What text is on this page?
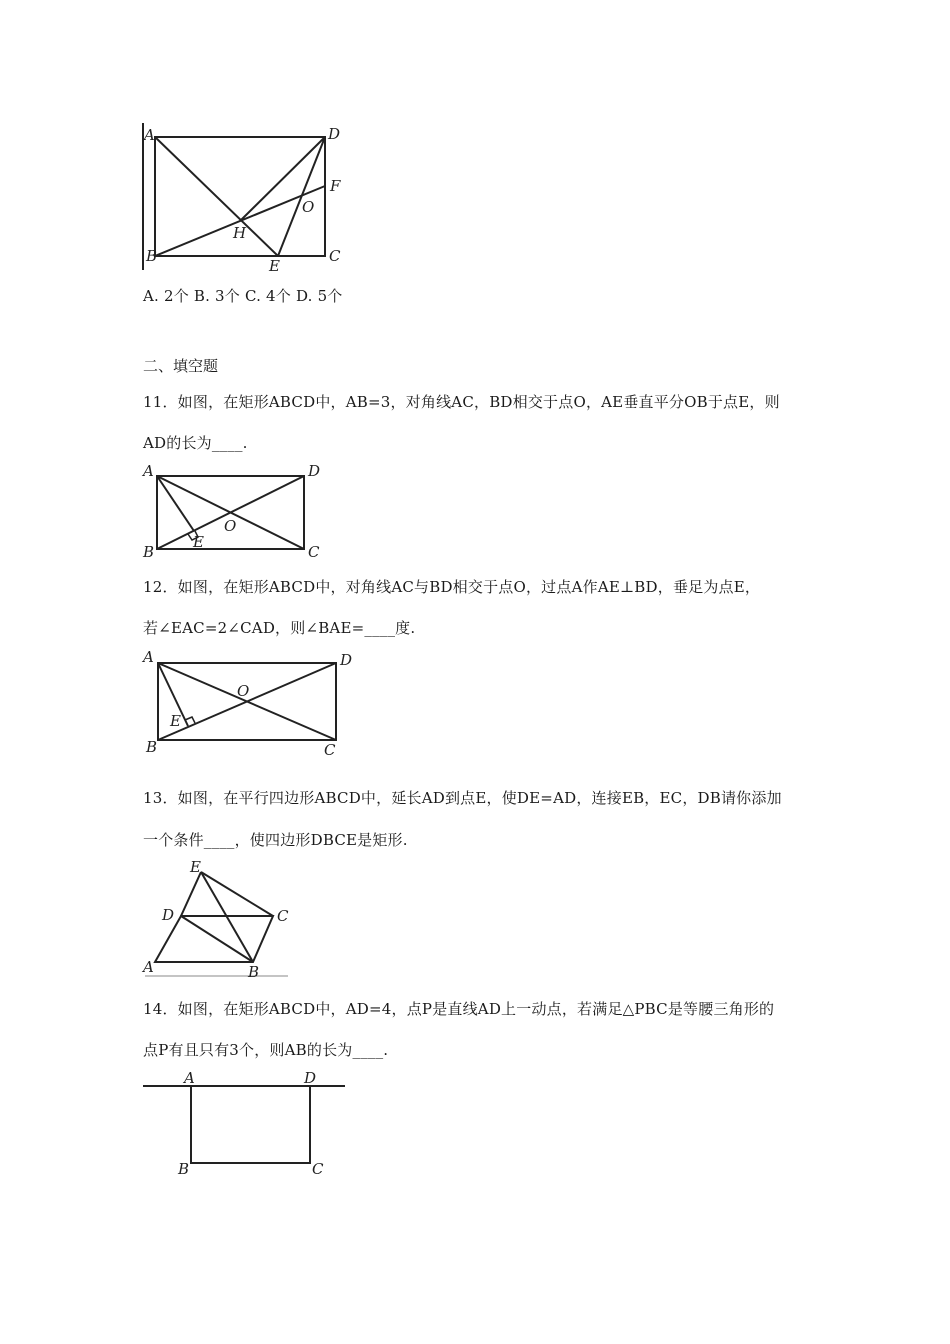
A	D
F
O
H
B
E
C
A. 2个 B. 3个 C. 4个 D. 5个
二、填空题
11．如图，在矩形ABCD中，AB=3，对角线AC，BD相交于点O，AE垂直平分OB于点E，则
AD的长为____.
A	D
O
E
B	C
12．如图，在矩形ABCD中，对角线AC与BD相交于点O，过点A作AE⊥BD，垂足为点E，
若∠EAC=2∠CAD，则∠BAE=____度.
A	D
O
E
B	C
13．如图，在平行四边形ABCD中，延长AD到点E，使DE=AD，连接EB，EC，DB请你添加
一个条件____，使四边形DBCE是矩形.
E
D	C
A	B
14．如图，在矩形ABCD中，AD=4，点P是直线AD上一动点，若满足△PBC是等腰三角形的
点P有且只有3个，则AB的长为____.
A	D
B	C
